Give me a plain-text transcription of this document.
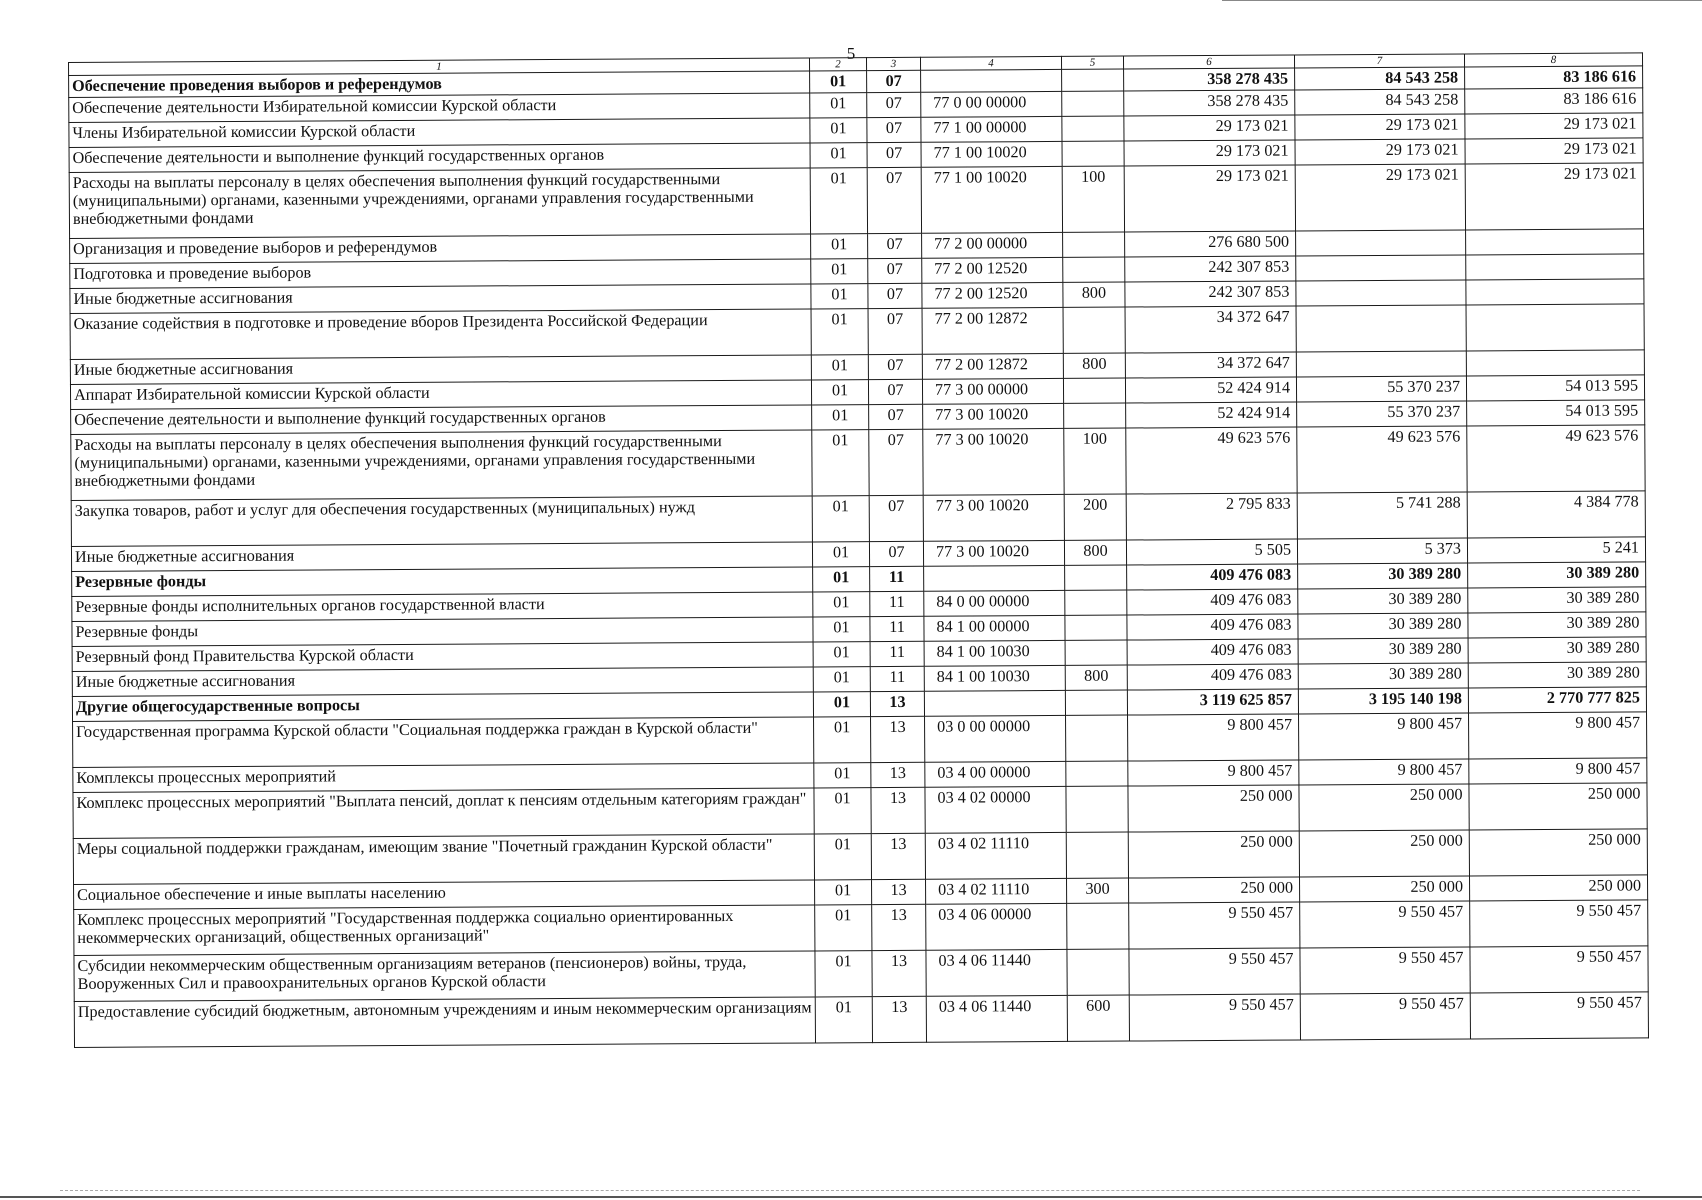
5
1	2	3	4	5	6	7	8
Обеспечение проведения выборов и референдумов	01	07			358 278 435	84 543 258	83 186 616
Обеспечение деятельности Избирательной комиссии Курской области	01	07	77 0 00 00000		358 278 435	84 543 258	83 186 616
Члены Избирательной комиссии Курской области	01	07	77 1 00 00000		29 173 021	29 173 021	29 173 021
Обеспечение деятельности и выполнение функций государственных органов	01	07	77 1 00 10020		29 173 021	29 173 021	29 173 021
Расходы на выплаты персоналу в целях обеспечения выполнения функций государственными (муниципальными) органами, казенными учреждениями, органами управления государственными внебюджетными фондами	01	07	77 1 00 10020	100	29 173 021	29 173 021	29 173 021
Организация и проведение выборов и референдумов	01	07	77 2 00 00000		276 680 500		
Подготовка и проведение выборов	01	07	77 2 00 12520		242 307 853		
Иные бюджетные ассигнования	01	07	77 2 00 12520	800	242 307 853		
Оказание содействия в подготовке и проведение вборов Президента Российской Федерации	01	07	77 2 00 12872		34 372 647		
Иные бюджетные ассигнования	01	07	77 2 00 12872	800	34 372 647		
Аппарат Избирательной комиссии Курской области	01	07	77 3 00 00000		52 424 914	55 370 237	54 013 595
Обеспечение деятельности и выполнение функций государственных органов	01	07	77 3 00 10020		52 424 914	55 370 237	54 013 595
Расходы на выплаты персоналу в целях обеспечения выполнения функций государственными (муниципальными) органами, казенными учреждениями, органами управления государственными внебюджетными фондами	01	07	77 3 00 10020	100	49 623 576	49 623 576	49 623 576
Закупка товаров, работ и услуг для обеспечения государственных (муниципальных) нужд	01	07	77 3 00 10020	200	2 795 833	5 741 288	4 384 778
Иные бюджетные ассигнования	01	07	77 3 00 10020	800	5 505	5 373	5 241
Резервные фонды	01	11			409 476 083	30 389 280	30 389 280
Резервные фонды исполнительных органов государственной власти	01	11	84 0 00 00000		409 476 083	30 389 280	30 389 280
Резервные фонды	01	11	84 1 00 00000		409 476 083	30 389 280	30 389 280
Резервный фонд Правительства Курской области	01	11	84 1 00 10030		409 476 083	30 389 280	30 389 280
Иные бюджетные ассигнования	01	11	84 1 00 10030	800	409 476 083	30 389 280	30 389 280
Другие общегосударственные вопросы	01	13			3 119 625 857	3 195 140 198	2 770 777 825
Государственная программа Курской области "Социальная поддержка граждан в Курской области"	01	13	03 0 00 00000		9 800 457	9 800 457	9 800 457
Комплексы процессных мероприятий	01	13	03 4 00 00000		9 800 457	9 800 457	9 800 457
Комплекс процессных мероприятий "Выплата пенсий, доплат к пенсиям отдельным категориям граждан"	01	13	03 4 02 00000		250 000	250 000	250 000
Меры социальной поддержки гражданам, имеющим звание "Почетный гражданин Курской области"	01	13	03 4 02 11110		250 000	250 000	250 000
Социальное обеспечение и иные выплаты населению	01	13	03 4 02 11110	300	250 000	250 000	250 000
Комплекс процессных мероприятий "Государственная поддержка социально ориентированных некоммерческих организаций, общественных организаций"	01	13	03 4 06 00000		9 550 457	9 550 457	9 550 457
Субсидии некоммерческим общественным организациям ветеранов (пенсионеров) войны, труда, Вооруженных Сил и правоохранительных органов Курской области	01	13	03 4 06 11440		9 550 457	9 550 457	9 550 457
Предоставление субсидий бюджетным, автономным учреждениям и иным некоммерческим организациям	01	13	03 4 06 11440	600	9 550 457	9 550 457	9 550 457
